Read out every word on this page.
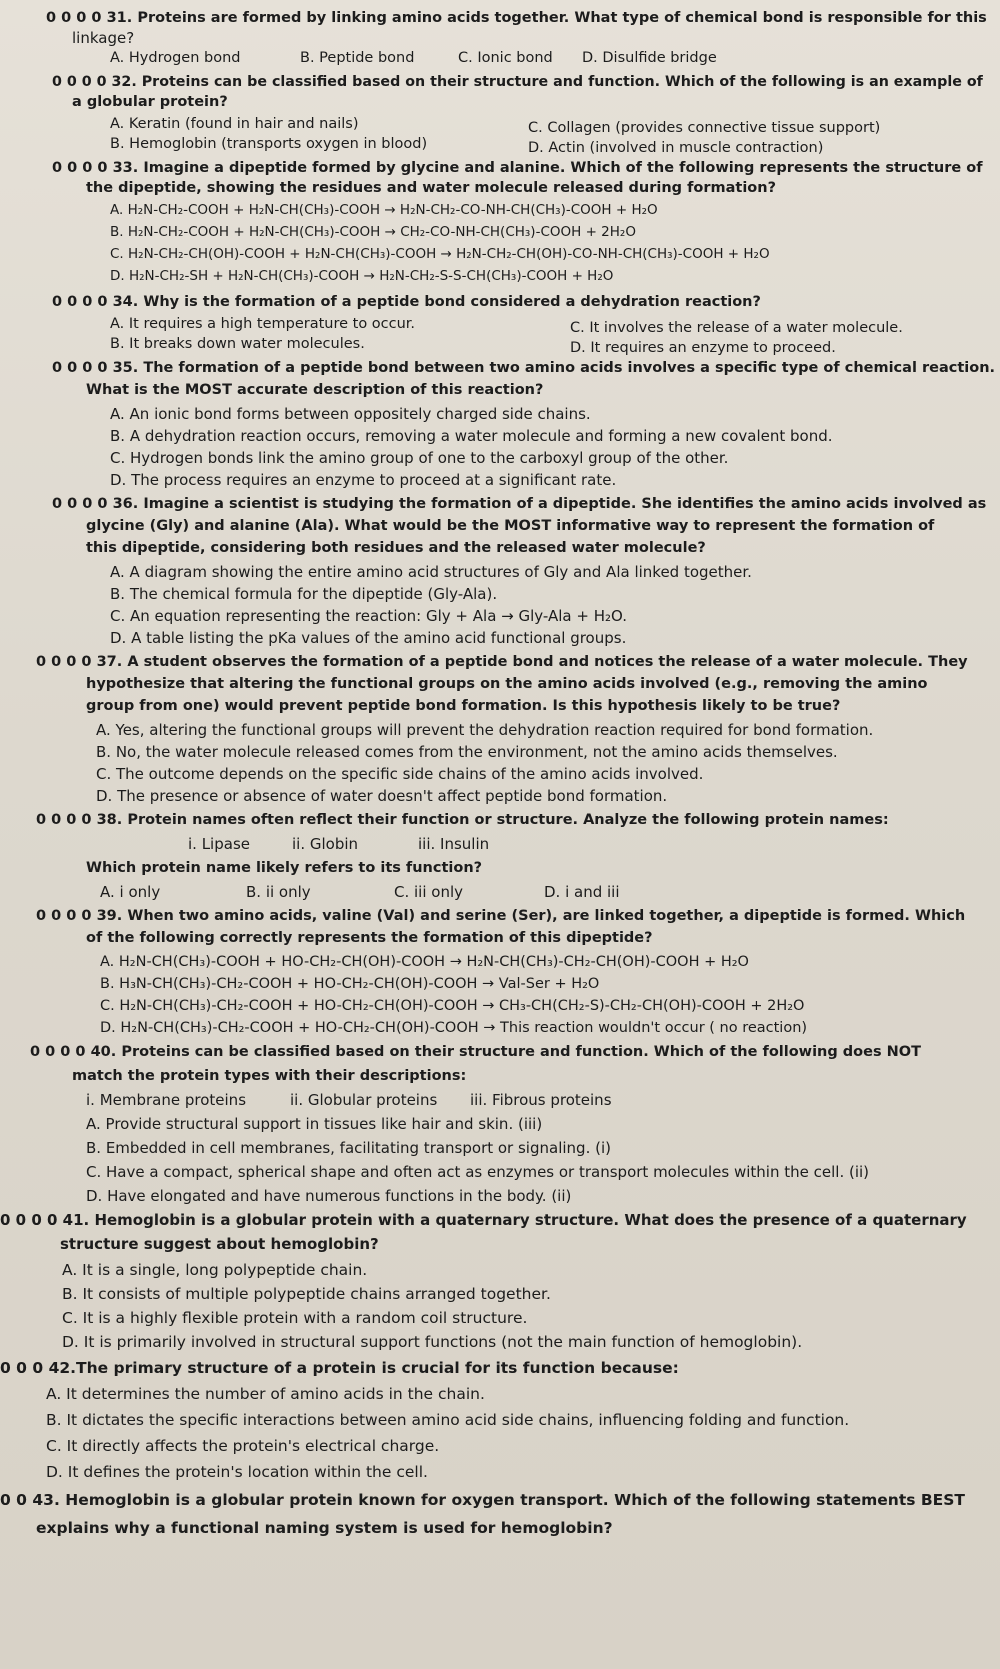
0 0 0 0 31. Proteins are formed by linking amino acids together. What type of chemical bond is responsible for this
linkage?
A. Hydrogen bond	B. Peptide bond	C. Ionic bond D. Disulfide bridge
0 0 0 0 32. Proteins can be classified based on their structure and function. Which of the following is an example of
a globular protein?
A. Keratin (found in hair and nails)	C. Collagen (provides connective tissue support)
B. Hemoglobin (transports oxygen in blood)	D. Actin (involved in muscle contraction)
0 0 0 0 33. Imagine a dipeptide formed by glycine and alanine. Which of the following represents the structure of
the dipeptide, showing the residues and water molecule released during formation?
A. H₂N-CH₂-COOH + H₂N-CH(CH₃)-COOH → H₂N-CH₂-CO-NH-CH(CH₃)-COOH + H₂O
B. H₂N-CH₂-COOH + H₂N-CH(CH₃)-COOH → CH₂-CO-NH-CH(CH₃)-COOH + 2H₂O
C. H₂N-CH₂-CH(OH)-COOH + H₂N-CH(CH₃)-COOH → H₂N-CH₂-CH(OH)-CO-NH-CH(CH₃)-COOH + H₂O
D. H₂N-CH₂-SH + H₂N-CH(CH₃)-COOH → H₂N-CH₂-S-S-CH(CH₃)-COOH + H₂O
0 0 0 0 34. Why is the formation of a peptide bond considered a dehydration reaction?
A. It requires a high temperature to occur.	C. It involves the release of a water molecule.
B. It breaks down water molecules.	D. It requires an enzyme to proceed.
0 0 0 0 35. The formation of a peptide bond between two amino acids involves a specific type of chemical reaction.
What is the MOST accurate description of this reaction?
A. An ionic bond forms between oppositely charged side chains.
B. A dehydration reaction occurs, removing a water molecule and forming a new covalent bond.
C. Hydrogen bonds link the amino group of one to the carboxyl group of the other.
D. The process requires an enzyme to proceed at a significant rate.
0 0 0 0 36. Imagine a scientist is studying the formation of a dipeptide. She identifies the amino acids involved as
glycine (Gly) and alanine (Ala). What would be the MOST informative way to represent the formation of
this dipeptide, considering both residues and the released water molecule?
A. A diagram showing the entire amino acid structures of Gly and Ala linked together.
B. The chemical formula for the dipeptide (Gly-Ala).
C. An equation representing the reaction: Gly + Ala → Gly-Ala + H₂O.
D. A table listing the pKa values of the amino acid functional groups.
0 0 0 0 37. A student observes the formation of a peptide bond and notices the release of a water molecule. They
hypothesize that altering the functional groups on the amino acids involved (e.g., removing the amino
group from one) would prevent peptide bond formation. Is this hypothesis likely to be true?
A. Yes, altering the functional groups will prevent the dehydration reaction required for bond formation.
B. No, the water molecule released comes from the environment, not the amino acids themselves.
C. The outcome depends on the specific side chains of the amino acids involved.
D. The presence or absence of water doesn't affect peptide bond formation.
0 0 0 0 38. Protein names often reflect their function or structure. Analyze the following protein names:
i. Lipase	ii. Globin	iii. Insulin
Which protein name likely refers to its function?
A. i only	B. ii only	C. iii only	D. i and iii
0 0 0 0 39. When two amino acids, valine (Val) and serine (Ser), are linked together, a dipeptide is formed. Which
of the following correctly represents the formation of this dipeptide?
A. H₂N-CH(CH₃)-COOH + HO-CH₂-CH(OH)-COOH → H₂N-CH(CH₃)-CH₂-CH(OH)-COOH + H₂O
B. H₃N-CH(CH₃)-CH₂-COOH + HO-CH₂-CH(OH)-COOH → Val-Ser + H₂O
C. H₂N-CH(CH₃)-CH₂-COOH + HO-CH₂-CH(OH)-COOH → CH₃-CH(CH₂-S)-CH₂-CH(OH)-COOH + 2H₂O
D. H₂N-CH(CH₃)-CH₂-COOH + HO-CH₂-CH(OH)-COOH → This reaction wouldn't occur ( no reaction)
0 0 0 0 40. Proteins can be classified based on their structure and function. Which of the following does NOT
match the protein types with their descriptions:
i. Membrane proteins	ii. Globular proteins iii. Fibrous proteins
A. Provide structural support in tissues like hair and skin. (iii)
B. Embedded in cell membranes, facilitating transport or signaling. (i)
C. Have a compact, spherical shape and often act as enzymes or transport molecules within the cell. (ii)
D. Have elongated and have numerous functions in the body. (ii)
0 0 0 0 41. Hemoglobin is a globular protein with a quaternary structure. What does the presence of a quaternary
structure suggest about hemoglobin?
A. It is a single, long polypeptide chain.
B. It consists of multiple polypeptide chains arranged together.
C. It is a highly flexible protein with a random coil structure.
D. It is primarily involved in structural support functions (not the main function of hemoglobin).
0 0 0 42.The primary structure of a protein is crucial for its function because:
A. It determines the number of amino acids in the chain.
B. It dictates the specific interactions between amino acid side chains, influencing folding and function.
C. It directly affects the protein's electrical charge.
D. It defines the protein's location within the cell.
0 0 43. Hemoglobin is a globular protein known for oxygen transport. Which of the following statements BEST
explains why a functional naming system is used for hemoglobin?
